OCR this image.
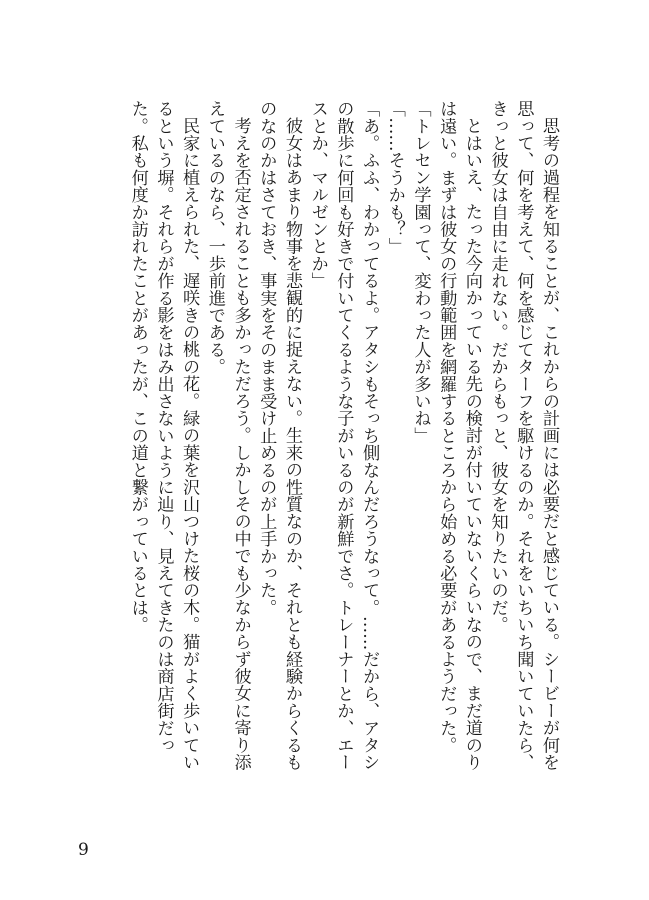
思考の過程を知ることが、これからの計画には必要だと感じている。シービーが何を

思って、何を考えて、何を感じてターフを駆けるのか。それをいちいち聞いていたら、

きっと彼女は自由に走れない。だからもっと、彼女を知りたいのだ。

とはいえ、たった今向かっている先の検討が付いていないくらいなので、まだ道のり

は遠い。まずは彼女の行動範囲を網羅するところから始める必要があるようだった。

「トレセン学園って、変わった人が多いね」

「……そうかも？」

「あ。ふふ、わかってるよ。アタシもそっち側なんだろうなって。……だから、アタシ

の散歩に何回も好きで付いてくるような子がいるのが新鮮でさ。トレーナーとか、エー

スとか、マルゼンとか」

彼女はあまり物事を悲観的に捉えない。生来の性質なのか、それとも経験からくるも

のなのかはさておき、事実をそのまま受け止めるのが上手かった。

考えを否定されることも多かっただろう。しかしその中でも少なからず彼女に寄り添

えているのなら、一歩前進である。

民家に植えられた、遅咲きの桃の花。緑の葉を沢山つけた桜の木。猫がよく歩いてい

るという塀。それらが作る影をはみ出さないように辿り、見えてきたのは商店街だっ

た。私も何度か訪れたことがあったが、この道と繋がっているとは。

9
